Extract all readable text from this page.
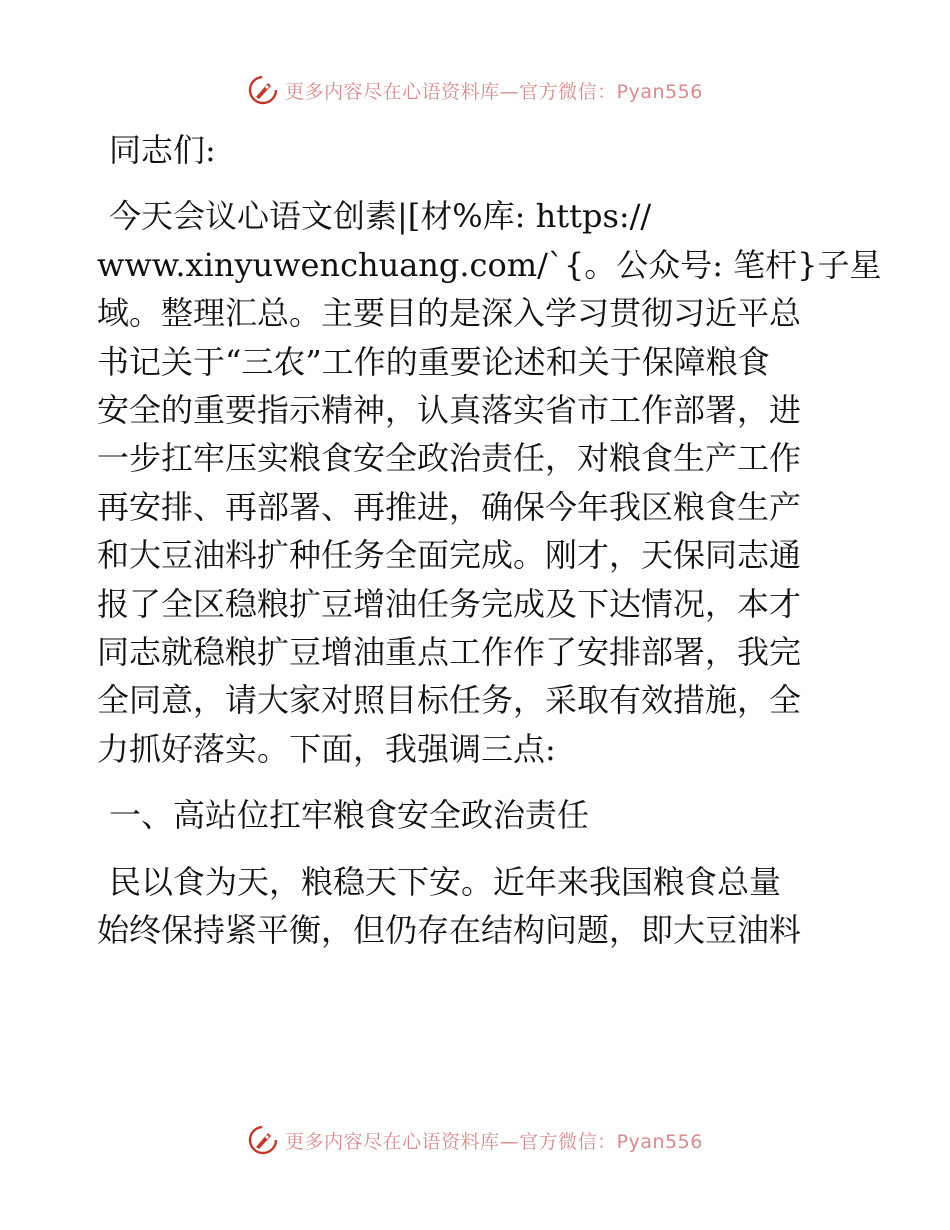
更多内容尽在心语资料库—官方微信：Pyan556

同志们:

今天会议心语文创素|[材%库: https://
www.xinyuwenchuang.com/`{。公众号: 笔杆}子星
域。整理汇总。主要目的是深入学习贯彻习近平总
书记关于“三农”工作的重要论述和关于保障粮食
安全的重要指示精神，认真落实省市工作部署，进
一步扛牢压实粮食安全政治责任，对粮食生产工作
再安排、再部署、再推进，确保今年我区粮食生产
和大豆油料扩种任务全面完成。刚才，天保同志通
报了全区稳粮扩豆增油任务完成及下达情况，本才
同志就稳粮扩豆增油重点工作作了安排部署，我完
全同意，请大家对照目标任务，采取有效措施，全
力抓好落实。下面，我强调三点:

一、高站位扛牢粮食安全政治责任

民以食为天，粮稳天下安。近年来我国粮食总量
始终保持紧平衡，但仍存在结构问题，即大豆油料

更多内容尽在心语资料库—官方微信：Pyan556
